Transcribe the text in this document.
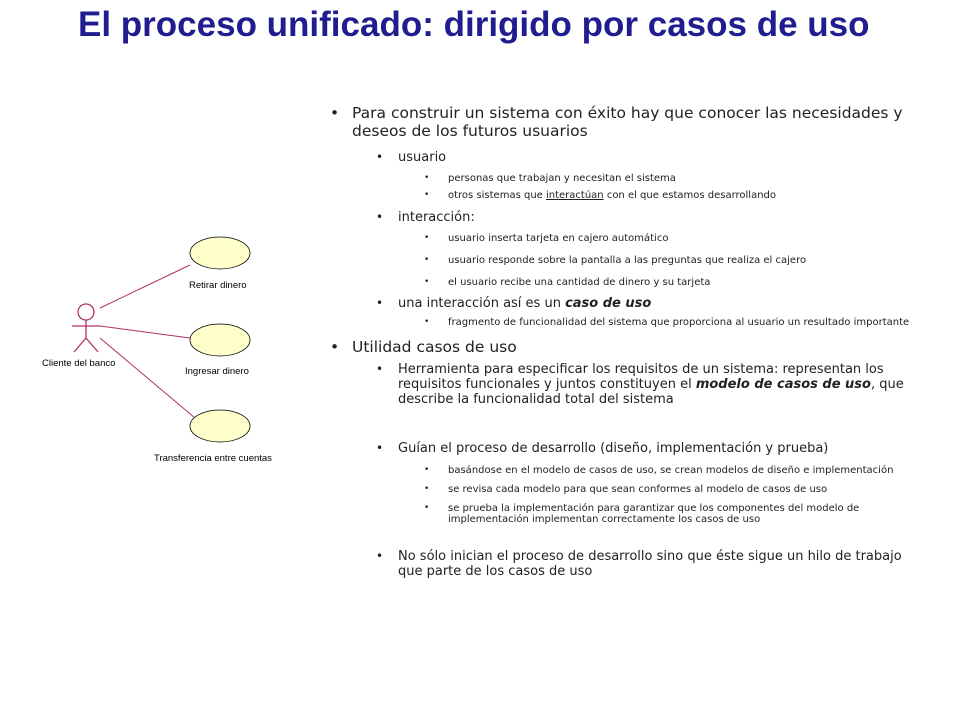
El proceso unificado: dirigido por casos de uso
Cliente del banco
Retirar dinero
Ingresar dinero
Transferencia entre cuentas
• Para construir un sistema con éxito hay que conocer las necesidades y deseos de los futuros usuarios
• usuario
• personas que trabajan y necesitan el sistema
• otros sistemas que interactúan con el que estamos desarrollando
• interacción:
• usuario inserta tarjeta en cajero automático
• usuario responde sobre la pantalla a las preguntas que realiza el cajero
• el usuario recibe una cantidad de dinero y su tarjeta
• una interacción así es un caso de uso
• fragmento de funcionalidad del sistema que proporciona al usuario un resultado importante
• Utilidad casos de uso
• Herramienta para especificar los requisitos de un sistema: representan los requisitos funcionales y juntos constituyen el modelo de casos de uso, que describe la funcionalidad total del sistema
• Guían el proceso de desarrollo (diseño, implementación y prueba)
• basándose en el modelo de casos de uso, se crean modelos de diseño e implementación
• se revisa cada modelo para que sean conformes al modelo de casos de uso
• se prueba la implementación para garantizar que los componentes del modelo de implementación implementan correctamente los casos de uso
• No sólo inician el proceso de desarrollo sino que éste sigue un hilo de trabajo que parte de los casos de uso
